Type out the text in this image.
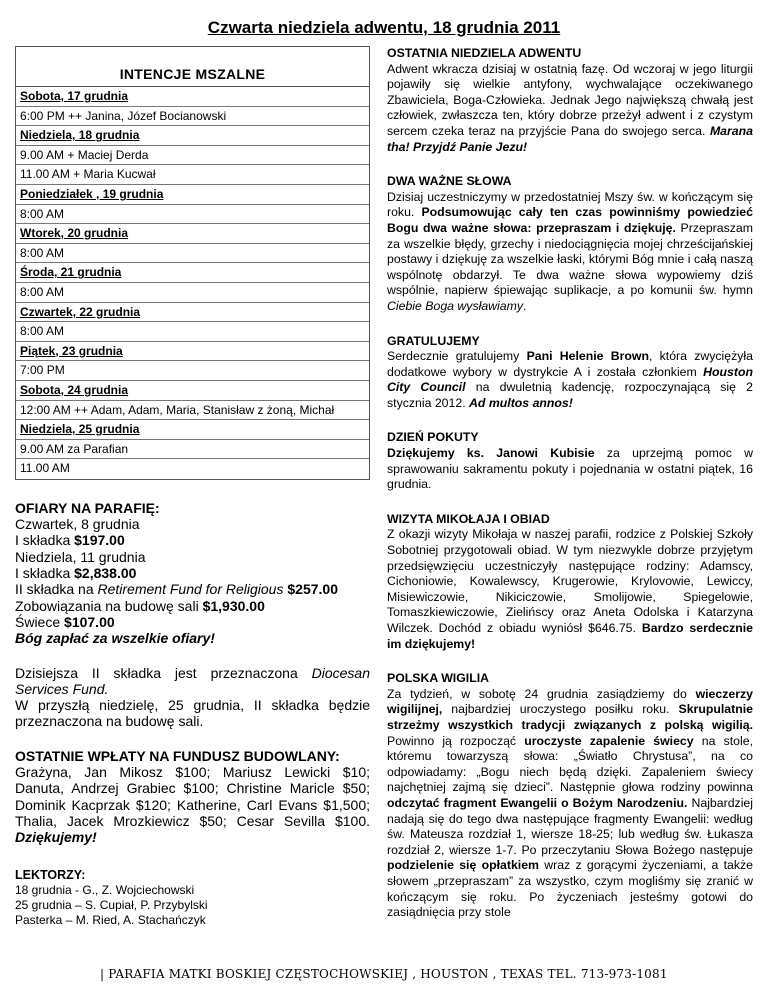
Czwarta niedziela adwentu, 18 grudnia 2011
INTENCJE MSZALNE
Sobota, 17 grudnia
6:00 PM ++ Janina, Józef Bocianowski
Niedziela, 18 grudnia
9.00 AM + Maciej Derda
11.00 AM + Maria Kucwał
Poniedziałek , 19 grudnia
8:00 AM
Wtorek, 20 grudnia
8:00 AM
Środa, 21 grudnia
8:00 AM
Czwartek, 22 grudnia
8:00 AM
Piątek, 23 grudnia
7:00 PM
Sobota, 24 grudnia
12:00 AM ++ Adam, Adam, Maria, Stanisław z żoną, Michał
Niedziela, 25 grudnia
9.00 AM za Parafian
11.00 AM
OFIARY NA PARAFIĘ:
Czwartek, 8 grudnia
I składka $197.00
Niedziela, 11 grudnia
I składka $2,838.00
II składka na Retirement Fund for Religious $257.00
Zobowiązania na budowę sali $1,930.00
Świece $107.00
Bóg zapłać za wszelkie ofiary!
Dzisiejsza II składka jest przeznaczona Diocesan Services Fund.
W przyszłą niedzielę, 25 grudnia, II składka będzie przeznaczona na budowę sali.
OSTATNIE WPŁATY NA FUNDUSZ BUDOWLANY:
Grażyna, Jan Mikosz $100; Mariusz Lewicki $10; Danuta, Andrzej Grabiec $100; Christine Maricle $50; Dominik Kacprzak $120; Katherine, Carl Evans $1,500; Thalia, Jacek Mrozkiewicz $50; Cesar Sevilla $100. Dziękujemy!
LEKTORZY:
18 grudnia - G., Z. Wojciechowski
25 grudnia – S. Cupiał, P. Przybylski
Pasterka – M. Ried, A. Stachańczyk
OSTATNIA NIEDZIELA ADWENTU
Adwent wkracza dzisiaj w ostatnią fazę. Od wczoraj w jego liturgii pojawiły się wielkie antyfony, wychwalające oczekiwanego Zbawiciela, Boga-Człowieka. Jednak Jego największą chwałą jest człowiek, zwłaszcza ten, który dobrze przeżył adwent i z czystym sercem czeka teraz na przyjście Pana do swojego serca. Marana tha! Przyjdź Panie Jezu!
DWA WAŻNE SŁOWA
Dzisiaj uczestniczymy w przedostatniej Mszy św. w kończącym się roku. Podsumowując cały ten czas powinniśmy powiedzieć Bogu dwa ważne słowa: przepraszam i dziękuję. Przepraszam za wszelkie błędy, grzechy i niedociągnięcia mojej chrześcijańskiej postawy i dziękuję za wszelkie łaski, którymi Bóg mnie i całą naszą wspólnotę obdarzył. Te dwa ważne słowa wypowiemy dziś wspólnie, napierw śpiewając suplikacje, a po komunii św. hymn Ciebie Boga wysławiamy.
GRATULUJEMY
Serdecznie gratulujemy Pani Helenie Brown, która zwyciężyła dodatkowe wybory w dystrykcie A i została członkiem Houston City Council na dwuletnią kadencję, rozpoczynającą się 2 stycznia 2012. Ad multos annos!
DZIEŃ POKUTY
Dziękujemy ks. Janowi Kubisie za uprzejmą pomoc w sprawowaniu sakramentu pokuty i pojednania w ostatni piątek, 16 grudnia.
WIZYTA MIKOŁAJA I OBIAD
Z okazji wizyty Mikołaja w naszej parafii, rodzice z Polskiej Szkoły Sobotniej przygotowali obiad. W tym niezwykle dobrze przyjętym przedsięwzięciu uczestniczyły następujące rodziny: Adamscy, Cichoniowie, Kowalewscy, Krugerowie, Krylovowie, Lewiccy, Misiewiczowie, Nikiciczowie, Smolijowie, Spiegelowie, Tomaszkiewiczowie, Zielińscy oraz Aneta Odolska i Katarzyna Wilczek. Dochód z obiadu wyniósł $646.75. Bardzo serdecznie im dziękujemy!
POLSKA WIGILIA
Za tydzień, w sobotę 24 grudnia zasiądziemy do wieczerzy wigilijnej, najbardziej uroczystego posiłku roku. Skrupulatnie strzeżmy wszystkich tradycji związanych z polską wigilią. Powinno ją rozpocząć uroczyste zapalenie świecy na stole, któremu towarzyszą słowa: „Światło Chrystusa”, na co odpowiadamy: „Bogu niech będą dzięki. Zapaleniem świecy najchętniej zajmą się dzieci”. Następnie głowa rodziny powinna odczytać fragment Ewangelii o Bożym Narodzeniu. Najbardziej nadają się do tego dwa następujące fragmenty Ewangelii: według św. Mateusza rozdział 1, wiersze 18-25; lub według św. Łukasza rozdział 2, wiersze 1-7. Po przeczytaniu Słowa Bożego następuje podzielenie się opłatkiem wraz z gorącymi życzeniami, a także słowem „przepraszam” za wszystko, czym mogliśmy się zranić w kończącym się roku. Po życzeniach jesteśmy gotowi do zasiądnięcia przy stole
| PARAFIA MATKI BOSKIEJ CZĘSTOCHOWSKIEJ , HOUSTON , TEXAS TEL. 713-973-1081
